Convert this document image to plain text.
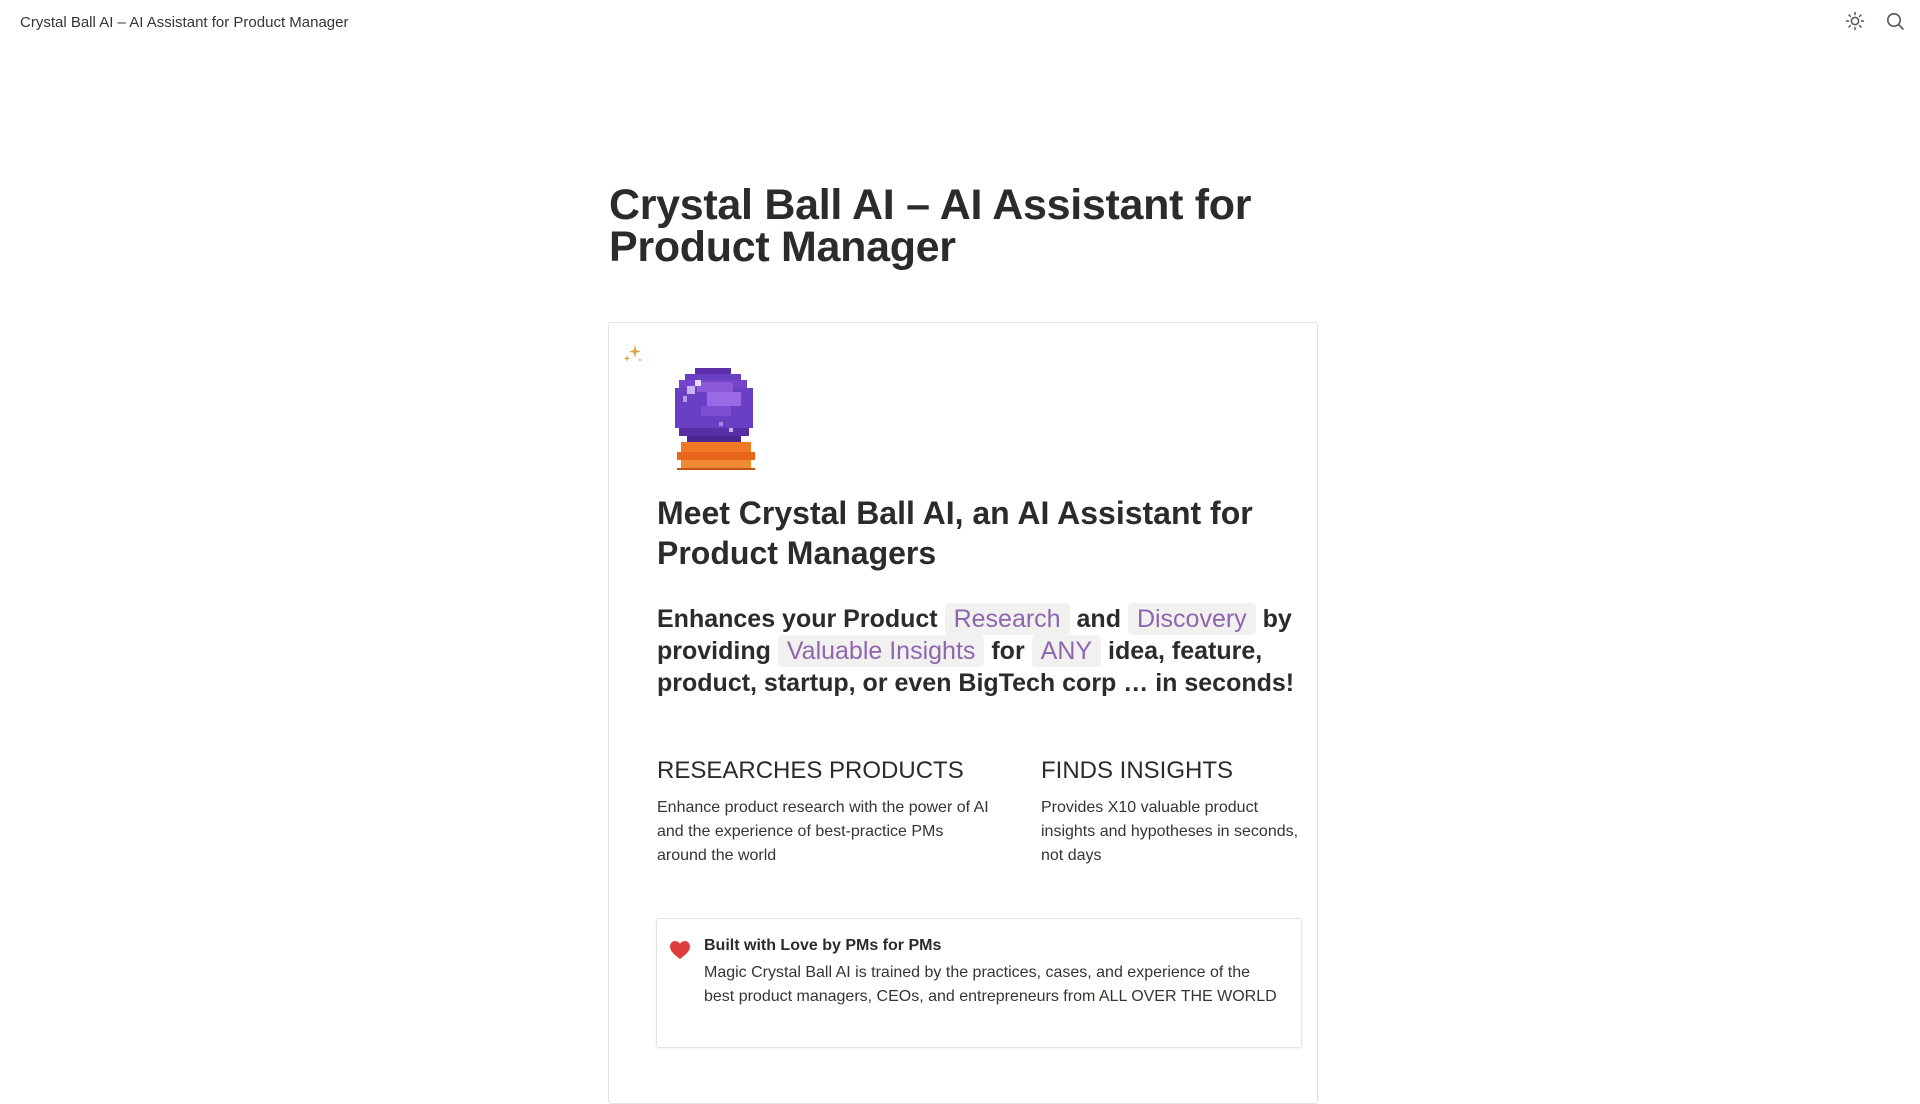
Crystal Ball AI – AI Assistant for Product Manager
Crystal Ball AI – AI Assistant for Product Manager
Meet Crystal Ball AI, an AI Assistant for Product Managers

Enhances your Product Research and Discovery by providing Valuable Insights for ANY idea, feature, product, startup, or even BigTech corp … in seconds!

RESEARCHES PRODUCTS

Enhance product research with the power of AI and the experience of best-practice PMs around the world

FINDS INSIGHTS

Provides X10 valuable product insights and hypotheses in seconds, not days

Built with Love by PMs for PMs
Magic Crystal Ball AI is trained by the practices, cases, and experience of the best product managers, CEOs, and entrepreneurs from ALL OVER THE WORLD
